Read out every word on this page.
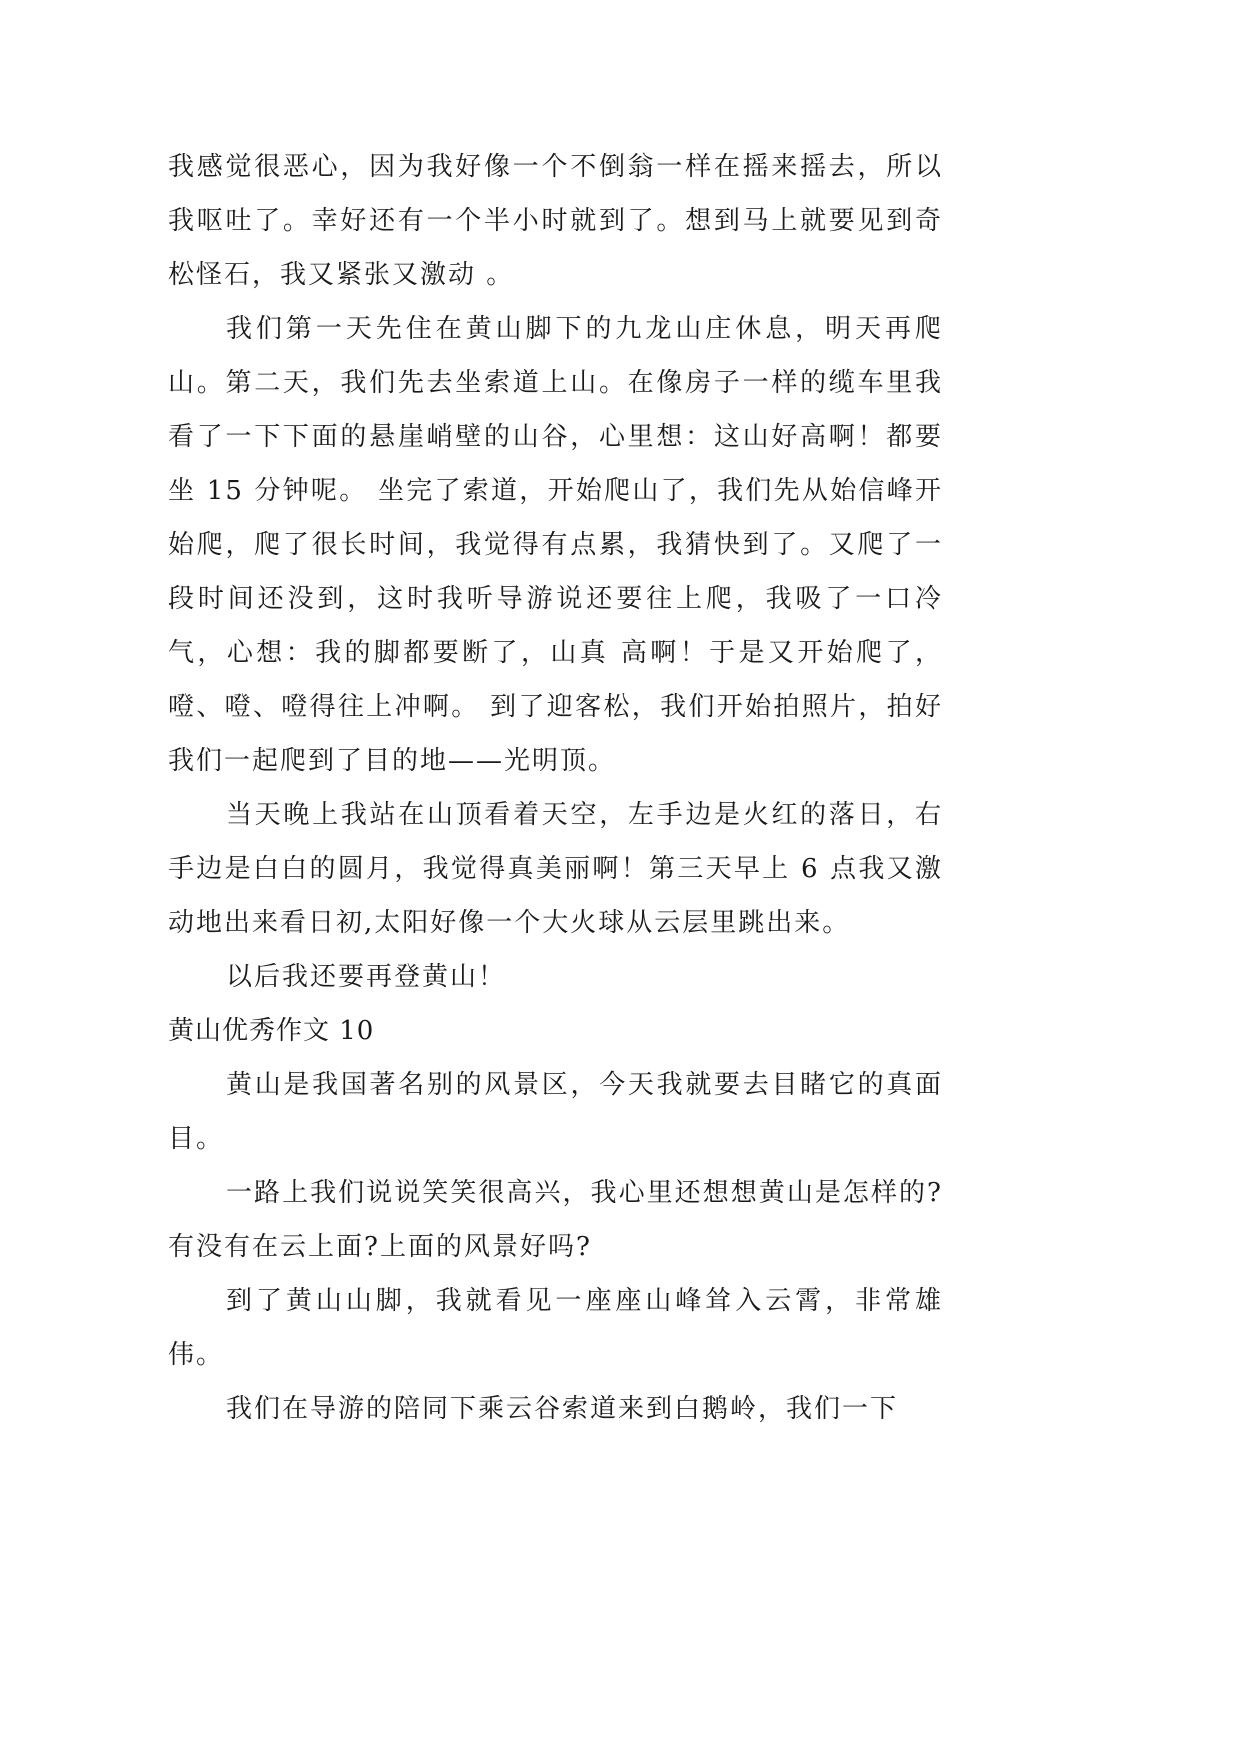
我感觉很恶心，因为我好像一个不倒翁一样在摇来摇去，所以我呕吐了。幸好还有一个半小时就到了。想到马上就要见到奇松怪石，我又紧张又激动 。

我们第一天先住在黄山脚下的九龙山庄休息，明天再爬山。第二天，我们先去坐索道上山。在像房子一样的缆车里我看了一下下面的悬崖峭壁的山谷，心里想：这山好高啊！都要坐 15 分钟呢。 坐完了索道，开始爬山了，我们先从始信峰开始爬，爬了很长时间，我觉得有点累，我猜快到了。又爬了一段时间还没到，这时我听导游说还要往上爬，我吸了一口冷气，心想：我的脚都要断了，山真 高啊！于是又开始爬了，噔、噔、噔得往上冲啊。 到了迎客松，我们开始拍照片，拍好我们一起爬到了目的地——光明顶。

当天晚上我站在山顶看着天空，左手边是火红的落日，右手边是白白的圆月，我觉得真美丽啊！第三天早上 6 点我又激动地出来看日初,太阳好像一个大火球从云层里跳出来。

以后我还要再登黄山！

黄山优秀作文 10

黄山是我国著名别的风景区，今天我就要去目睹它的真面目。

一路上我们说说笑笑很高兴，我心里还想想黄山是怎样的?有没有在云上面?上面的风景好吗?

到了黄山山脚，我就看见一座座山峰耸入云霄，非常雄伟。

我们在导游的陪同下乘云谷索道来到白鹅岭，我们一下
